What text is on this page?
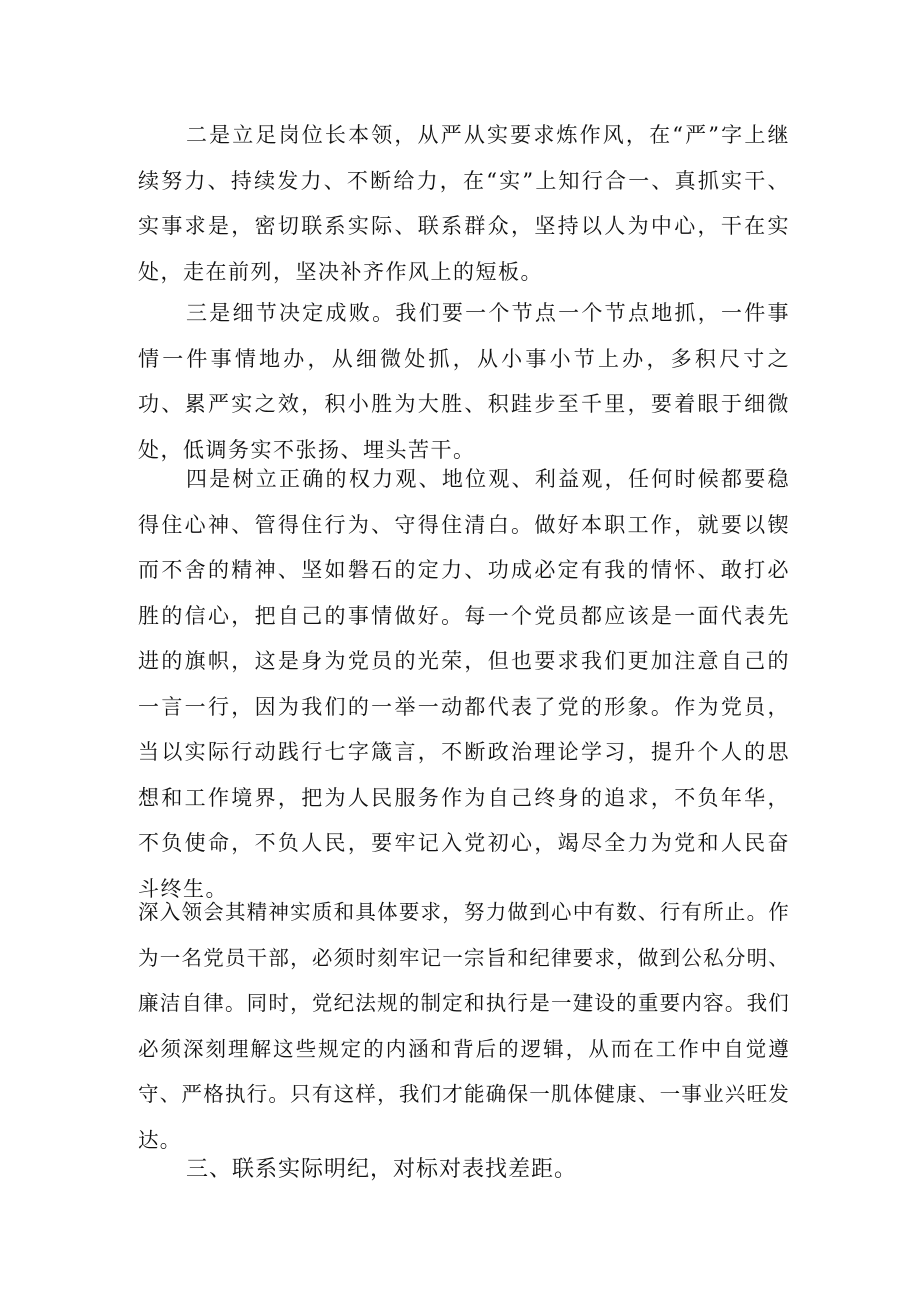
二是立足岗位长本领，从严从实要求炼作风，在“严”字上继续努力、持续发力、不断给力，在“实”上知行合一、真抓实干、实事求是，密切联系实际、联系群众，坚持以人为中心，干在实处，走在前列，坚决补齐作风上的短板。

三是细节决定成败。我们要一个节点一个节点地抓，一件事情一件事情地办，从细微处抓，从小事小节上办，多积尺寸之功、累严实之效，积小胜为大胜、积跬步至千里，要着眼于细微处，低调务实不张扬、埋头苦干。

四是树立正确的权力观、地位观、利益观，任何时候都要稳得住心神、管得住行为、守得住清白。做好本职工作，就要以锲而不舍的精神、坚如磐石的定力、功成必定有我的情怀、敢打必胜的信心，把自己的事情做好。每一个党员都应该是一面代表先进的旗帜，这是身为党员的光荣，但也要求我们更加注意自己的一言一行，因为我们的一举一动都代表了党的形象。作为党员，当以实际行动践行七字箴言，不断政治理论学习，提升个人的思想和工作境界，把为人民服务作为自己终身的追求，不负年华，不负使命，不负人民，要牢记入党初心，竭尽全力为党和人民奋斗终生。

深入领会其精神实质和具体要求，努力做到心中有数、行有所止。作为一名党员干部，必须时刻牢记一宗旨和纪律要求，做到公私分明、廉洁自律。同时，党纪法规的制定和执行是一建设的重要内容。我们必须深刻理解这些规定的内涵和背后的逻辑，从而在工作中自觉遵守、严格执行。只有这样，我们才能确保一肌体健康、一事业兴旺发达。

三、联系实际明纪，对标对表找差距。
